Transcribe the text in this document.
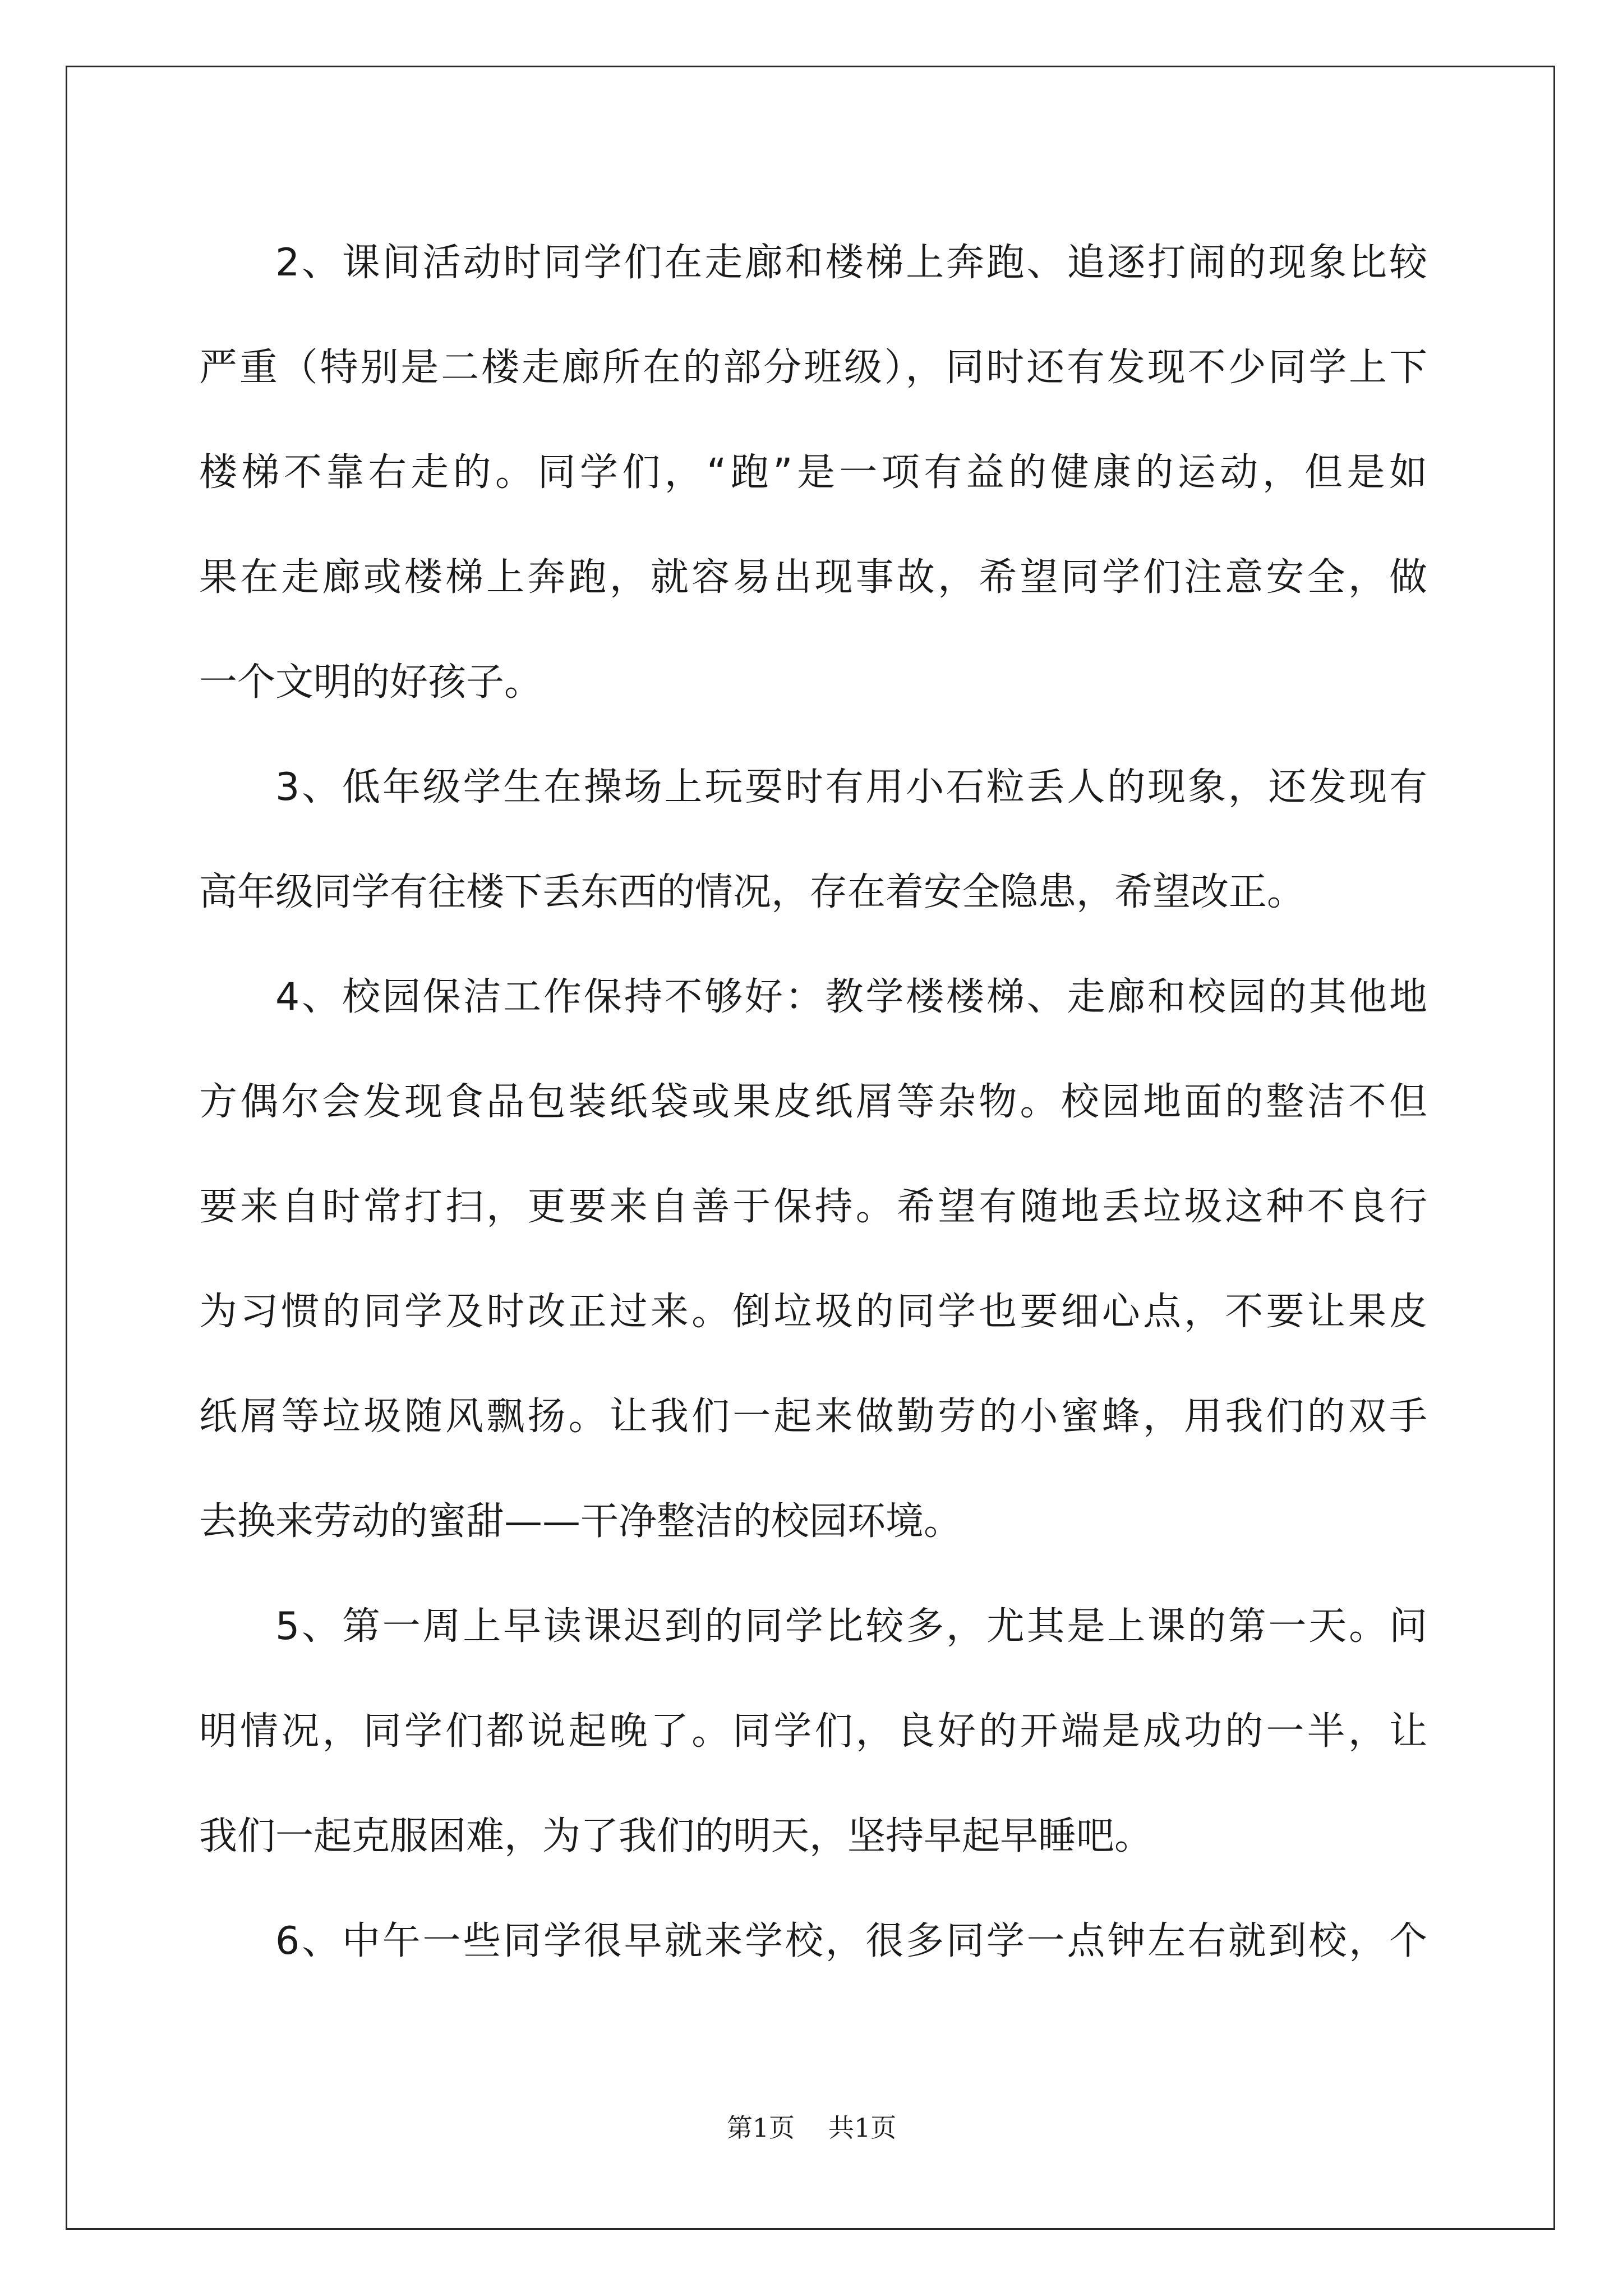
2、课间活动时同学们在走廊和楼梯上奔跑、追逐打闹的现象比较
严重（特别是二楼走廊所在的部分班级），同时还有发现不少同学上下
楼梯不靠右走的。同学们，“跑”是一项有益的健康的运动，但是如
果在走廊或楼梯上奔跑，就容易出现事故，希望同学们注意安全，做
一个文明的好孩子。
3、低年级学生在操场上玩耍时有用小石粒丢人的现象，还发现有
高年级同学有往楼下丢东西的情况，存在着安全隐患，希望改正。
4、校园保洁工作保持不够好：教学楼楼梯、走廊和校园的其他地
方偶尔会发现食品包装纸袋或果皮纸屑等杂物。校园地面的整洁不但
要来自时常打扫，更要来自善于保持。希望有随地丢垃圾这种不良行
为习惯的同学及时改正过来。倒垃圾的同学也要细心点，不要让果皮
纸屑等垃圾随风飘扬。让我们一起来做勤劳的小蜜蜂，用我们的双手
去换来劳动的蜜甜——干净整洁的校园环境。
5、第一周上早读课迟到的同学比较多，尤其是上课的第一天。问
明情况，同学们都说起晚了。同学们，良好的开端是成功的一半，让
我们一起克服困难，为了我们的明天，坚持早起早睡吧。
6、中午一些同学很早就来学校，很多同学一点钟左右就到校，个
第1页 共1页
